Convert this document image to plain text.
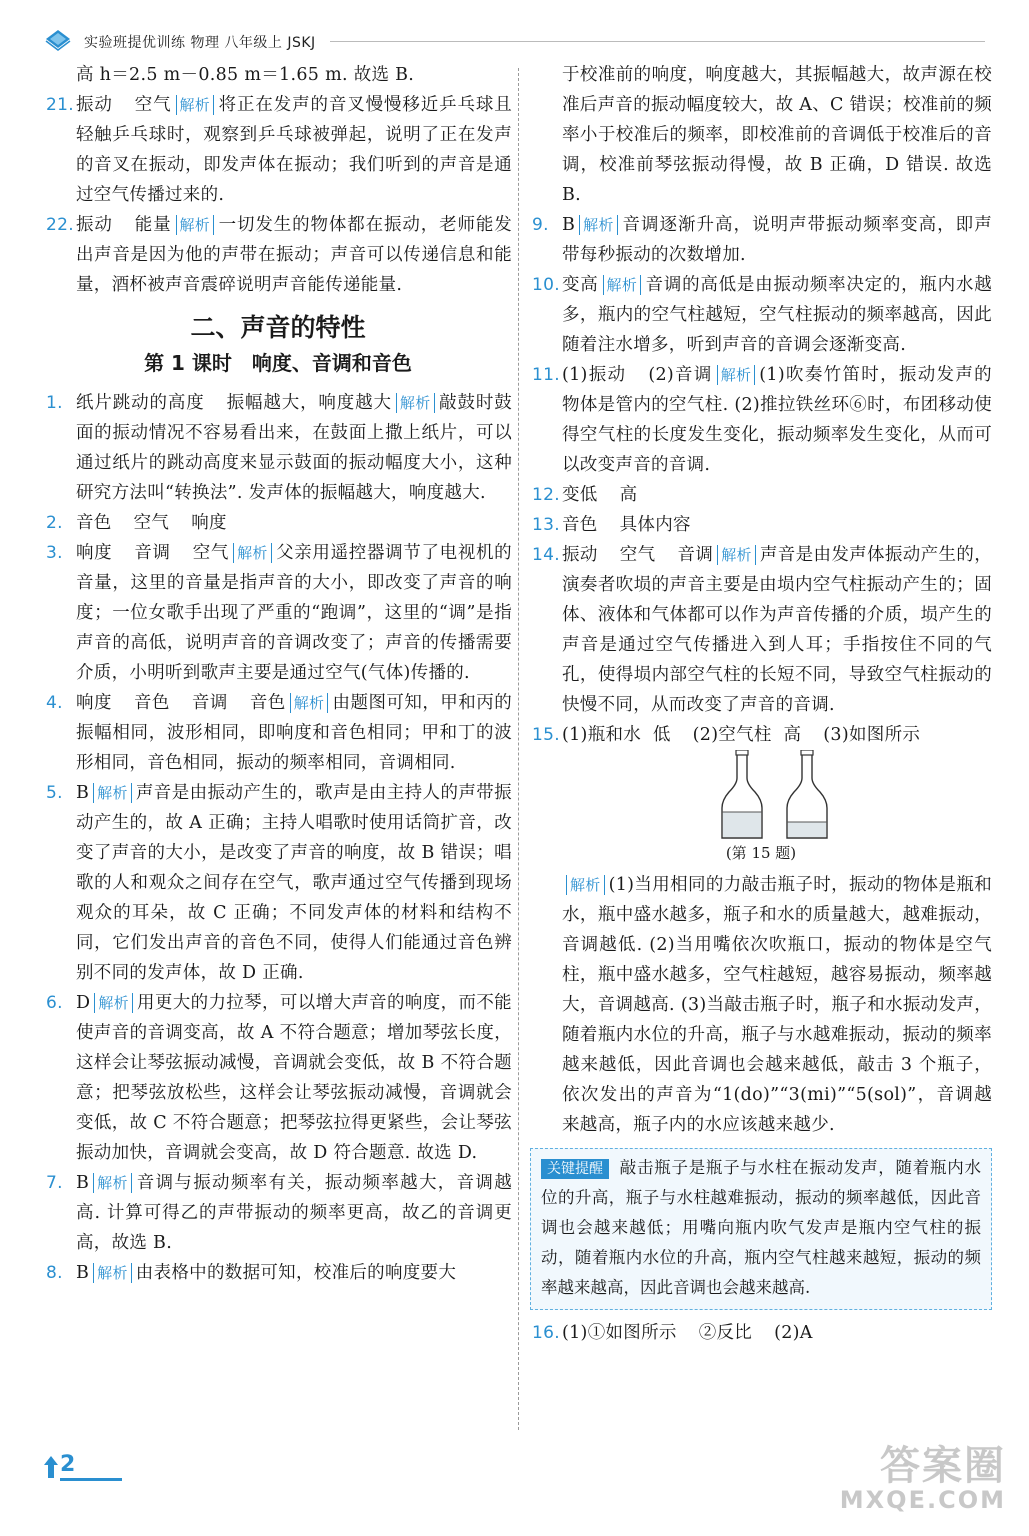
实验班提优训练 物理 八年级上 JSKJ
高 h＝2.5 m－0.85 m＝1.65 m. 故选 B.
21. 振动 空气 解析 将正在发声的音叉慢慢移近乒乓球且轻触乒乓球时，观察到乒乓球被弹起，说明了正在发声的音叉在振动，即发声体在振动；我们听到的声音是通过空气传播过来的.
22. 振动 能量 解析 一切发生的物体都在振动，老师能发出声音是因为他的声带在振动；声音可以传递信息和能量，酒杯被声音震碎说明声音能传递能量.
二、声音的特性
第 1 课时　响度、音调和音色
1. 纸片跳动的高度 振幅越大，响度越大 解析 敲鼓时鼓面的振动情况不容易看出来，在鼓面上撒上纸片，可以通过纸片的跳动高度来显示鼓面的振动幅度大小，这种研究方法叫“转换法”. 发声体的振幅越大，响度越大.
2. 音色 空气 响度
3. 响度 音调 空气 解析 父亲用遥控器调节了电视机的音量，这里的音量是指声音的大小，即改变了声音的响度；一位女歌手出现了严重的“跑调”，这里的“调”是指声音的高低，说明声音的音调改变了；声音的传播需要介质，小明听到歌声主要是通过空气(气体)传播的.
4. 响度 音色 音调 音色 解析 由题图可知，甲和丙的振幅相同，波形相同，即响度和音色相同；甲和丁的波形相同，音色相同，振动的频率相同，音调相同.
5. B 解析 声音是由振动产生的，歌声是由主持人的声带振动产生的，故 A 正确；主持人唱歌时使用话筒扩音，改变了声音的大小，是改变了声音的响度，故 B 错误；唱歌的人和观众之间存在空气，歌声通过空气传播到现场观众的耳朵，故 C 正确；不同发声体的材料和结构不同，它们发出声音的音色不同，使得人们能通过音色辨别不同的发声体，故 D 正确.
6. D 解析 用更大的力拉琴，可以增大声音的响度，而不能使声音的音调变高，故 A 不符合题意；增加琴弦长度，这样会让琴弦振动减慢，音调就会变低，故 B 不符合题意；把琴弦放松些，这样会让琴弦振动减慢，音调就会变低，故 C 不符合题意；把琴弦拉得更紧些，会让琴弦振动加快，音调就会变高，故 D 符合题意. 故选 D.
7. B 解析 音调与振动频率有关，振动频率越大，音调越高. 计算可得乙的声带振动的频率更高，故乙的音调更高，故选 B.
8. B 解析 由表格中的数据可知，校准后的响度要大
于校准前的响度，响度越大，其振幅越大，故声源在校准后声音的振动幅度较大，故 A、C 错误；校准前的频率小于校准后的频率，即校准前的音调低于校准后的音调，校准前琴弦振动得慢，故 B 正确，D 错误. 故选 B.
9. B 解析 音调逐渐升高，说明声带振动频率变高，即声带每秒振动的次数增加.
10. 变高 解析 音调的高低是由振动频率决定的，瓶内水越多，瓶内的空气柱越短，空气柱振动的频率越高，因此随着注水增多，听到声音的音调会逐渐变高.
11. (1)振动 (2)音调 解析 (1)吹奏竹笛时，振动发声的物体是管内的空气柱. (2)推拉铁丝环⑥时，布团移动使得空气柱的长度发生变化，振动频率发生变化，从而可以改变声音的音调.
12. 变低 高
13. 音色 具体内容
14. 振动 空气 音调 解析 声音是由发声体振动产生的，演奏者吹埙的声音主要是由埙内空气柱振动产生的；固体、液体和气体都可以作为声音传播的介质，埙产生的声音是通过空气传播进入到人耳；手指按住不同的气孔，使得埙内部空气柱的长短不同，导致空气柱振动的快慢不同，从而改变了声音的音调.
15. (1)瓶和水 低 (2)空气柱 高 (3)如图所示
(第 15 题)
解析 (1)当用相同的力敲击瓶子时，振动的物体是瓶和水，瓶中盛水越多，瓶子和水的质量越大，越难振动，音调越低. (2)当用嘴依次吹瓶口，振动的物体是空气柱，瓶中盛水越多，空气柱越短，越容易振动，频率越大，音调越高. (3)当敲击瓶子时，瓶子和水振动发声，随着瓶内水位的升高，瓶子与水越难振动，振动的频率越来越低，因此音调也会越来越低，敲击 3 个瓶子，依次发出的声音为“1(do)”“3(mi)”“5(sol)”，音调越来越高，瓶子内的水应该越来越少.
关键提醒 敲击瓶子是瓶子与水柱在振动发声，随着瓶内水位的升高，瓶子与水柱越难振动，振动的频率越低，因此音调也会越来越低；用嘴向瓶内吹气发声是瓶内空气柱的振动，随着瓶内水位的升高，瓶内空气柱越来越短，振动的频率越来越高，因此音调也会越来越高.
16. (1)①如图所示 ②反比 (2)A
2	答案圈
MXQE.COM
